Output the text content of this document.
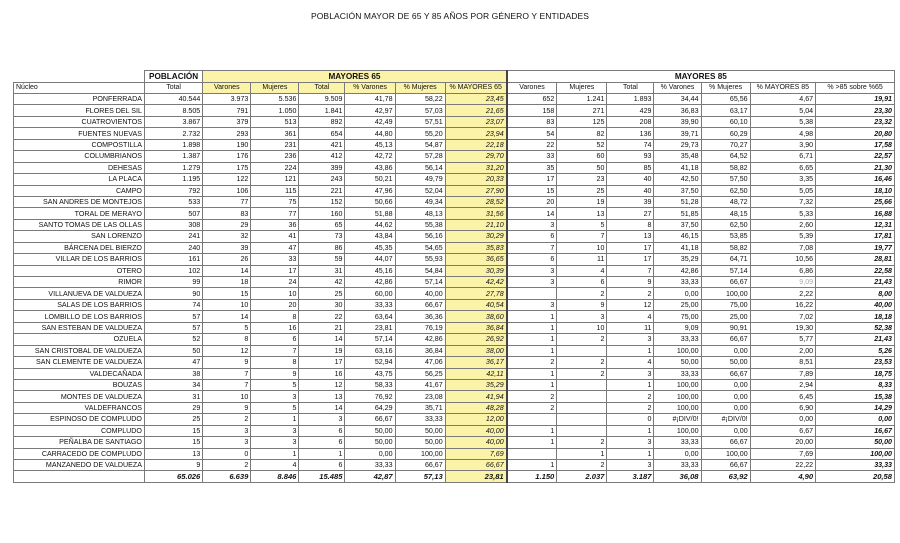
POBLACIÓN MAYOR DE 65 Y 85 AÑOS POR GÉNERO Y ENTIDADES
	POBLACIÓN	MAYORES 65						MAYORES 85						
Núcleo	Total	Varones	Mujeres	Total	% Varones	% Mujeres	% MAYORES 65	Varones	Mujeres	Total	% Varones	% Mujeres	% MAYORES 85	% >85 sobre %65
PONFERRADA	40.544	3.973	5.536	9.509	41,78	58,22	23,45	652	1.241	1.893	34,44	65,56	4,67	19,91
FLORES DEL SIL	8.505	791	1.050	1.841	42,97	57,03	21,65	158	271	429	36,83	63,17	5,04	23,30
CUATROVIENTOS	3.867	379	513	892	42,49	57,51	23,07	83	125	208	39,90	60,10	5,38	23,32
FUENTES NUEVAS	2.732	293	361	654	44,80	55,20	23,94	54	82	136	39,71	60,29	4,98	20,80
COMPOSTILLA	1.898	190	231	421	45,13	54,87	22,18	22	52	74	29,73	70,27	3,90	17,58
COLUMBRIANOS	1.387	176	236	412	42,72	57,28	29,70	33	60	93	35,48	64,52	6,71	22,57
DEHESAS	1.279	175	224	399	43,86	56,14	31,20	35	50	85	41,18	58,82	6,65	21,30
LA PLACA	1.195	122	121	243	50,21	49,79	20,33	17	23	40	42,50	57,50	3,35	16,46
CAMPO	792	106	115	221	47,96	52,04	27,90	15	25	40	37,50	62,50	5,05	18,10
SAN ANDRES DE MONTEJOS	533	77	75	152	50,66	49,34	28,52	20	19	39	51,28	48,72	7,32	25,66
TORAL DE MERAYO	507	83	77	160	51,88	48,13	31,56	14	13	27	51,85	48,15	5,33	16,88
SANTO TOMAS DE LAS OLLAS	308	29	36	65	44,62	55,38	21,10	3	5	8	37,50	62,50	2,60	12,31
SAN LORENZO	241	32	41	73	43,84	56,16	30,29	6	7	13	46,15	53,85	5,39	17,81
BÁRCENA DEL BIERZO	240	39	47	86	45,35	54,65	35,83	7	10	17	41,18	58,82	7,08	19,77
VILLAR DE LOS BARRIOS	161	26	33	59	44,07	55,93	36,65	6	11	17	35,29	64,71	10,56	28,81
OTERO	102	14	17	31	45,16	54,84	30,39	3	4	7	42,86	57,14	6,86	22,58
RIMOR	99	18	24	42	42,86	57,14	42,42	3	6	9	33,33	66,67	9,09	21,43
VILLANUEVA DE VALDUEZA	90	15	10	25	60,00	40,00	27,78		2	2	0,00	100,00	2,22	8,00
SALAS DE LOS BARRIOS	74	10	20	30	33,33	66,67	40,54	3	9	12	25,00	75,00	16,22	40,00
LOMBILLO DE LOS BARRIOS	57	14	8	22	63,64	36,36	38,60	1	3	4	75,00	25,00	7,02	18,18
SAN ESTEBAN DE VALDUEZA	57	5	16	21	23,81	76,19	36,84	1	10	11	9,09	90,91	19,30	52,38
OZUELA	52	8	6	14	57,14	42,86	26,92	1	2	3	33,33	66,67	5,77	21,43
SAN CRISTOBAL DE VALDUEZA	50	12	7	19	63,16	36,84	38,00	1		1	100,00	0,00	2,00	5,26
SAN CLEMENTE DE VALDUEZA	47	9	8	17	52,94	47,06	36,17	2	2	4	50,00	50,00	8,51	23,53
VALDECAÑADA	38	7	9	16	43,75	56,25	42,11	1	2	3	33,33	66,67	7,89	18,75
BOUZAS	34	7	5	12	58,33	41,67	35,29	1		1	100,00	0,00	2,94	8,33
MONTES DE VALDUEZA	31	10	3	13	76,92	23,08	41,94	2		2	100,00	0,00	6,45	15,38
VALDEFRANCOS	29	9	5	14	64,29	35,71	48,28	2		2	100,00	0,00	6,90	14,29
ESPINOSO DE COMPLUDO	25	2	1	3	66,67	33,33	12,00			0	#¡DIV/0!	#¡DIV/0!	0,00	0,00
COMPLUDO	15	3	3	6	50,00	50,00	40,00	1		1	100,00	0,00	6,67	16,67
PEÑALBA DE SANTIAGO	15	3	3	6	50,00	50,00	40,00	1	2	3	33,33	66,67	20,00	50,00
CARRACEDO DE COMPLUDO	13	0	1	1	0,00	100,00	7,69		1	1	0,00	100,00	7,69	100,00
MANZANEDO DE VALDUEZA	9	2	4	6	33,33	66,67	66,67	1	2	3	33,33	66,67	22,22	33,33
	65.026	6.639	8.846	15.485	42,87	57,13	23,81	1.150	2.037	3.187	36,08	63,92	4,90	20,58
